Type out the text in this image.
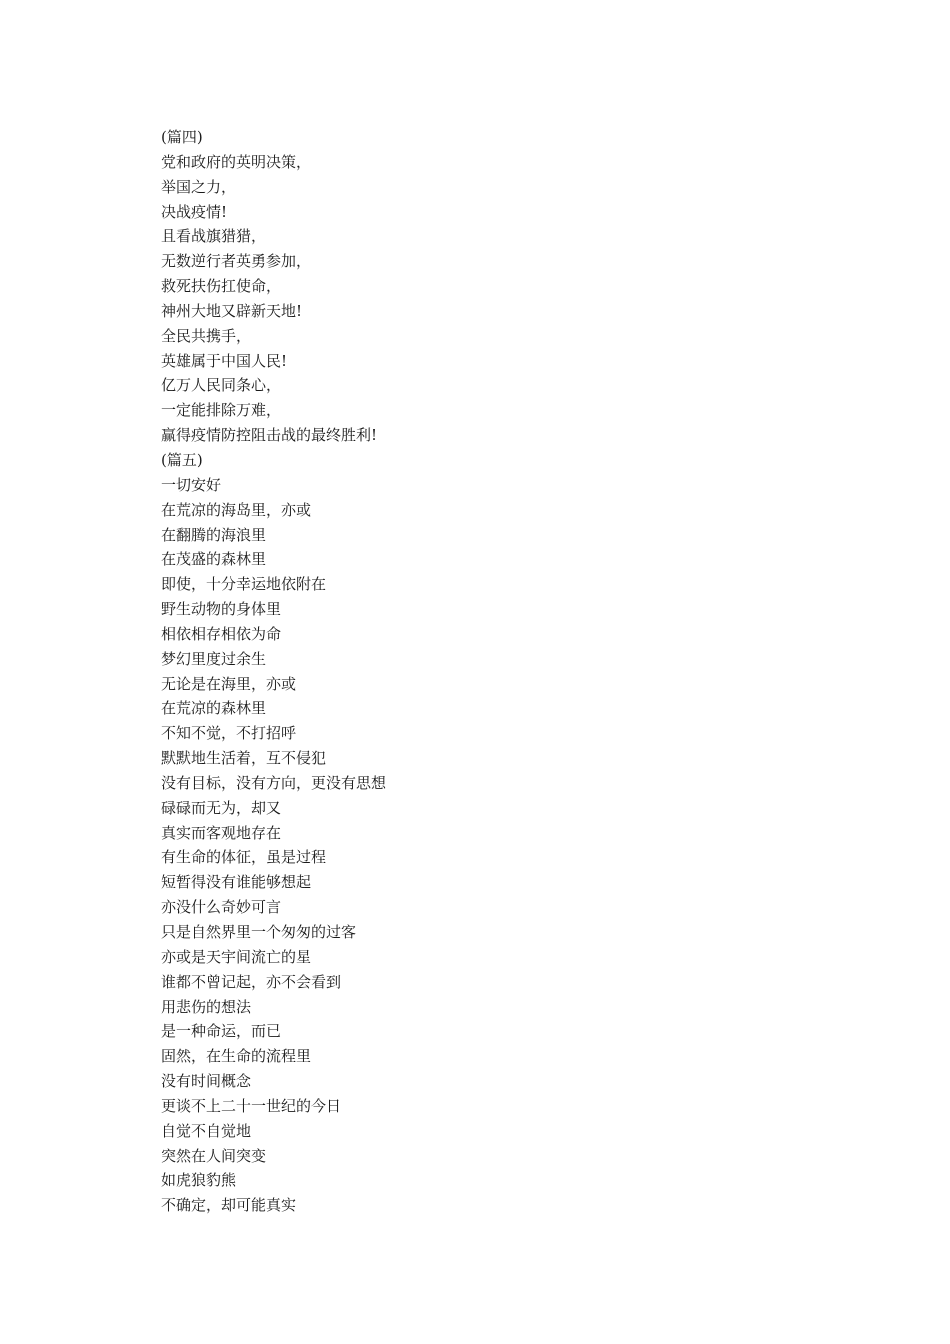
(篇四)
党和政府的英明决策，
举国之力，
决战疫情!
且看战旗猎猎，
无数逆行者英勇参加，
救死扶伤扛使命，
神州大地又辟新天地!
全民共携手，
英雄属于中国人民!
亿万人民同条心，
一定能排除万难，
赢得疫情防控阻击战的最终胜利!
(篇五)
一切安好
在荒凉的海岛里，亦或
在翻腾的海浪里
在茂盛的森林里
即使，十分幸运地依附在
野生动物的身体里
相依相存相依为命
梦幻里度过余生
无论是在海里，亦或
在荒凉的森林里
不知不觉，不打招呼
默默地生活着，互不侵犯
没有目标，没有方向，更没有思想
碌碌而无为，却又
真实而客观地存在
有生命的体征，虽是过程
短暂得没有谁能够想起
亦没什么奇妙可言
只是自然界里一个匆匆的过客
亦或是天宇间流亡的星
谁都不曾记起，亦不会看到
用悲伤的想法
是一种命运，而已
固然，在生命的流程里
没有时间概念
更谈不上二十一世纪的今日
自觉不自觉地
突然在人间突变
如虎狼豹熊
不确定，却可能真实
